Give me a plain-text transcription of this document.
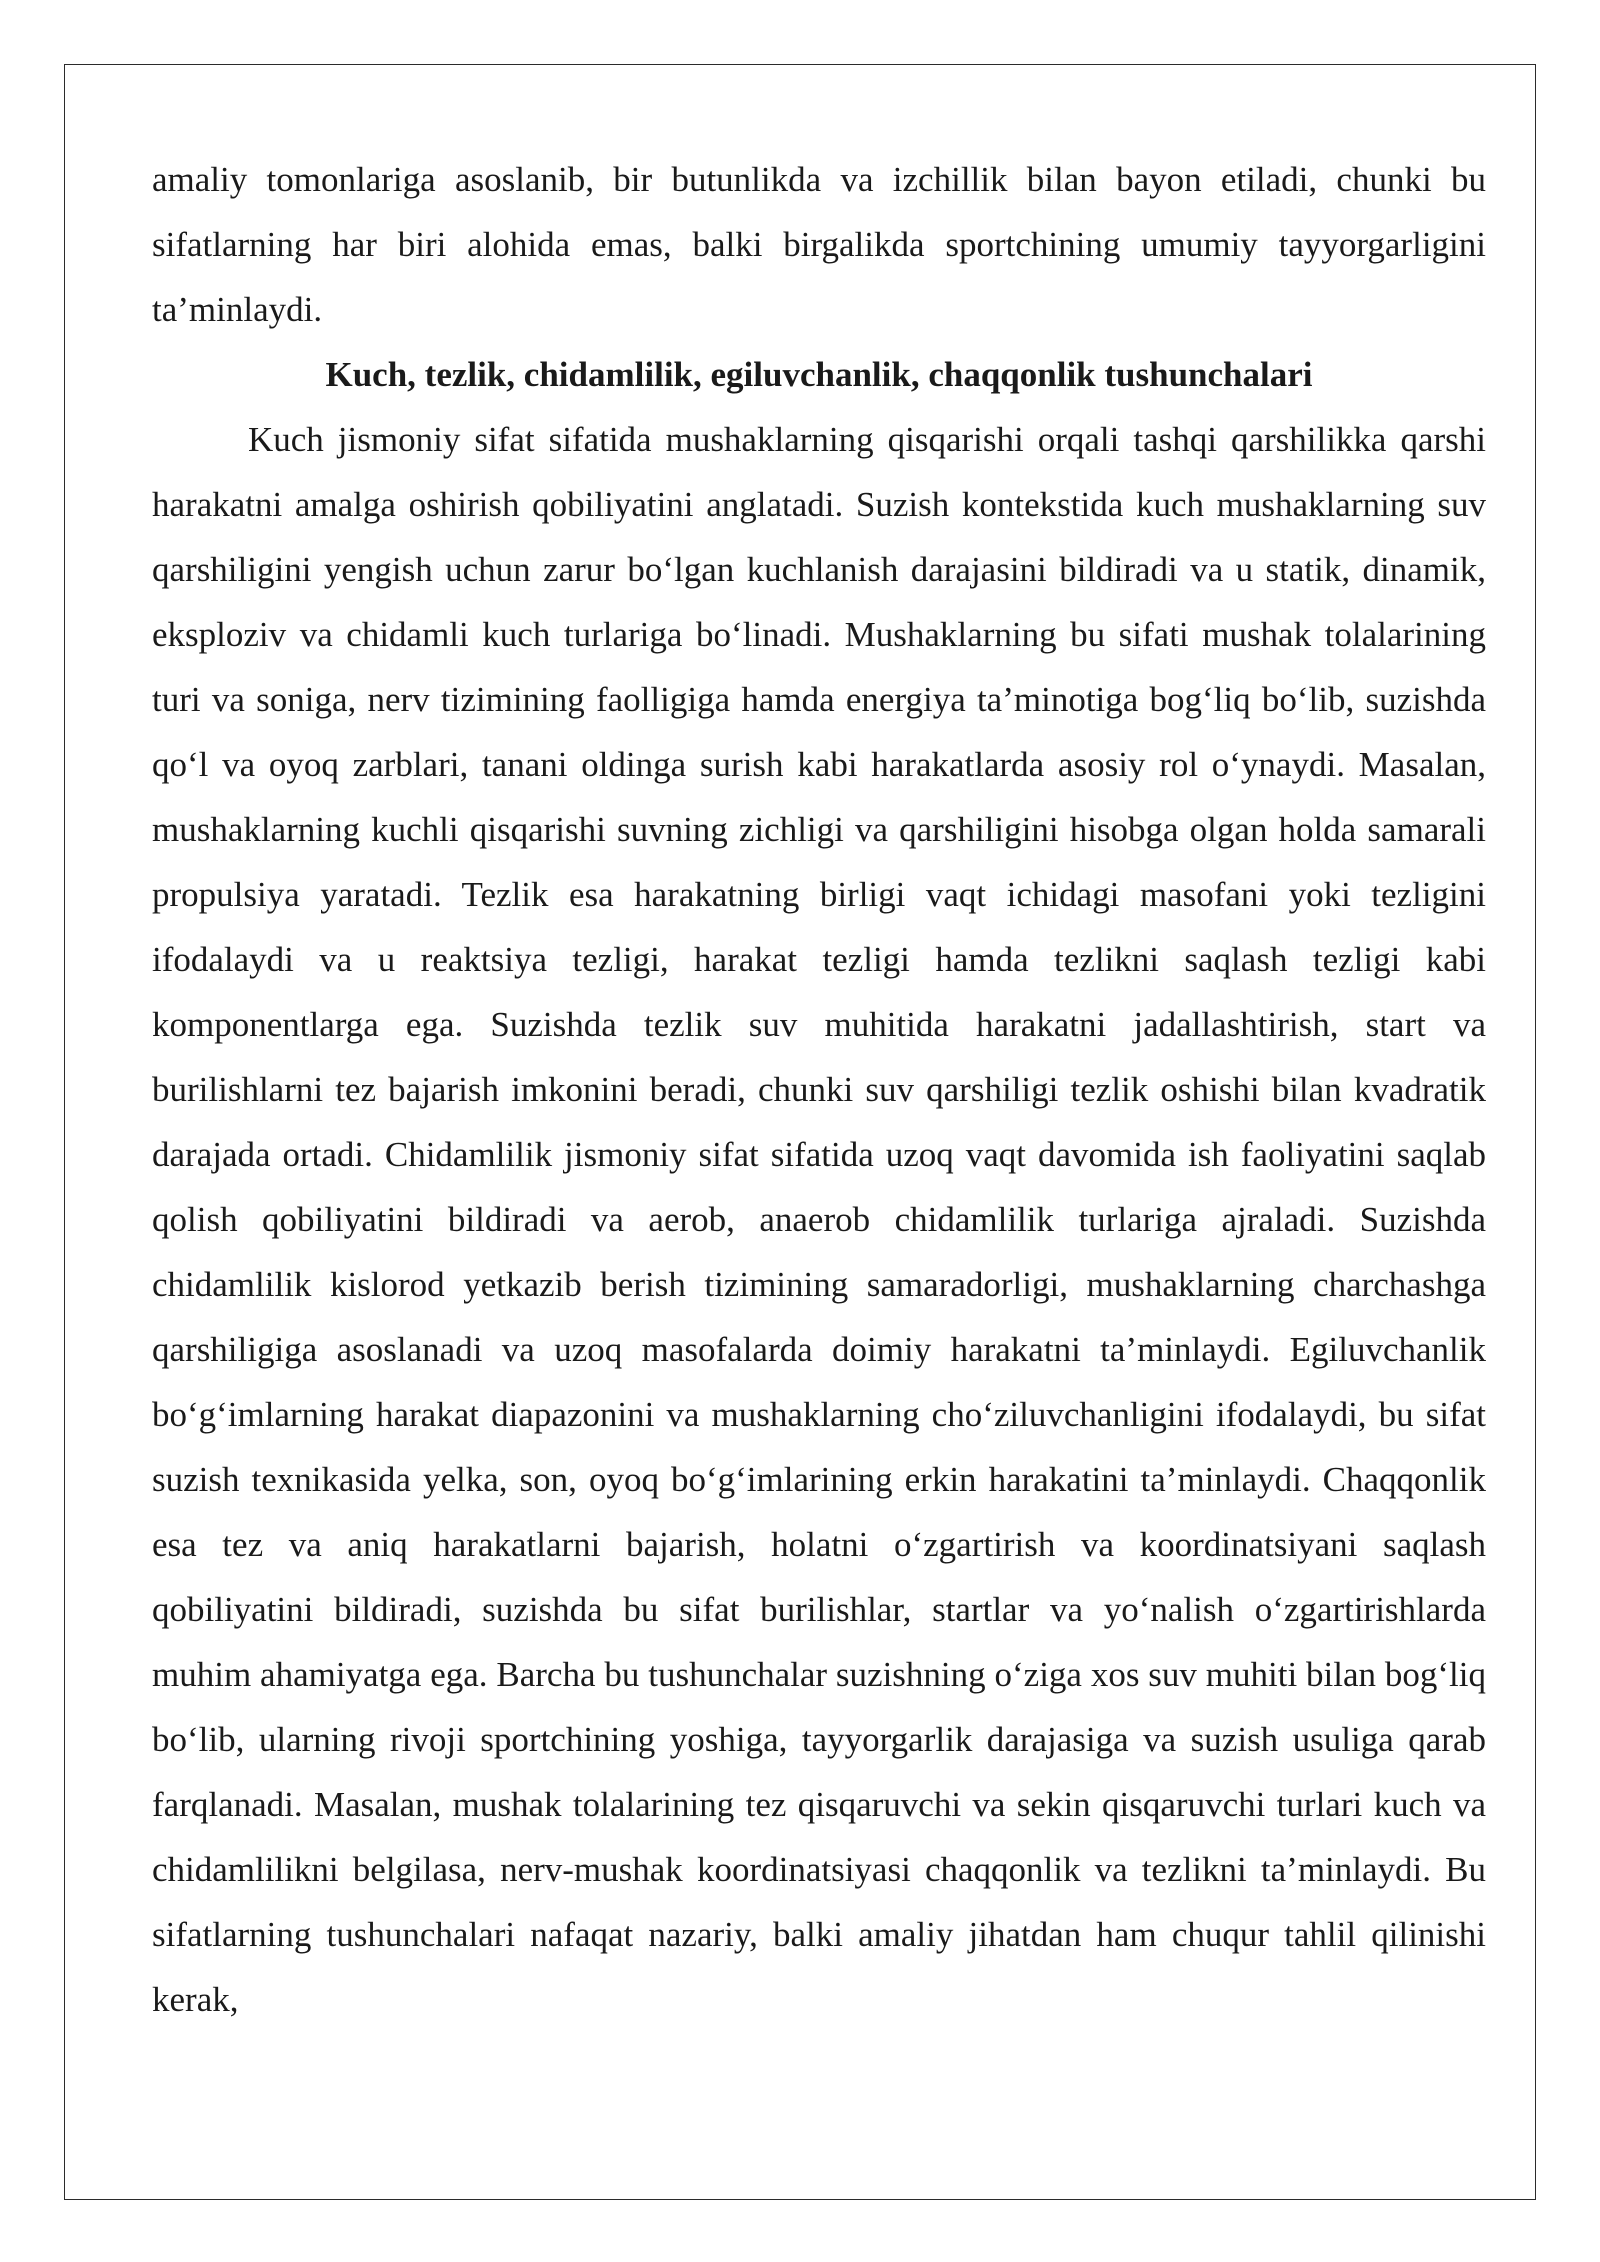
amaliy tomonlariga asoslanib, bir butunlikda va izchillik bilan bayon etiladi, chunki bu sifatlarning har biri alohida emas, balki birgalikda sportchining umumiy tayyorgarligini ta’minlaydi.

Kuch, tezlik, chidamlilik, egiluvchanlik, chaqqonlik tushunchalari

Kuch jismoniy sifat sifatida mushaklarning qisqarishi orqali tashqi qarshilikka qarshi harakatni amalga oshirish qobiliyatini anglatadi. Suzish kontekstida kuch mushaklarning suv qarshiligini yengish uchun zarur bo‘lgan kuchlanish darajasini bildiradi va u statik, dinamik, eksploziv va chidamli kuch turlariga bo‘linadi. Mushaklarning bu sifati mushak tolalarining turi va soniga, nerv tizimining faolligiga hamda energiya ta’minotiga bog‘liq bo‘lib, suzishda qo‘l va oyoq zarblari, tanani oldinga surish kabi harakatlarda asosiy rol o‘ynaydi. Masalan, mushaklarning kuchli qisqarishi suvning zichligi va qarshiligini hisobga olgan holda samarali propulsiya yaratadi. Tezlik esa harakatning birligi vaqt ichidagi masofani yoki tezligini ifodalaydi va u reaktsiya tezligi, harakat tezligi hamda tezlikni saqlash tezligi kabi komponentlarga ega. Suzishda tezlik suv muhitida harakatni jadallashtirish, start va burilishlarni tez bajarish imkonini beradi, chunki suv qarshiligi tezlik oshishi bilan kvadratik darajada ortadi. Chidamlilik jismoniy sifat sifatida uzoq vaqt davomida ish faoliyatini saqlab qolish qobiliyatini bildiradi va aerob, anaerob chidamlilik turlariga ajraladi. Suzishda chidamlilik kislorod yetkazib berish tizimining samaradorligi, mushaklarning charchashga qarshiligiga asoslanadi va uzoq masofalarda doimiy harakatni ta’minlaydi. Egiluvchanlik bo‘g‘imlarning harakat diapazonini va mushaklarning cho‘ziluvchanligini ifodalaydi, bu sifat suzish texnikasida yelka, son, oyoq bo‘g‘imlarining erkin harakatini ta’minlaydi. Chaqqonlik esa tez va aniq harakatlarni bajarish, holatni o‘zgartirish va koordinatsiyani saqlash qobiliyatini bildiradi, suzishda bu sifat burilishlar, startlar va yo‘nalish o‘zgartirishlarda muhim ahamiyatga ega. Barcha bu tushunchalar suzishning o‘ziga xos suv muhiti bilan bog‘liq bo‘lib, ularning rivoji sportchining yoshiga, tayyorgarlik darajasiga va suzish usuliga qarab farqlanadi. Masalan, mushak tolalarining tez qisqaruvchi va sekin qisqaruvchi turlari kuch va chidamlilikni belgilasa, nerv-mushak koordinatsiyasi chaqqonlik va tezlikni ta’minlaydi. Bu sifatlarning tushunchalari nafaqat nazariy, balki amaliy jihatdan ham chuqur tahlil qilinishi kerak,
